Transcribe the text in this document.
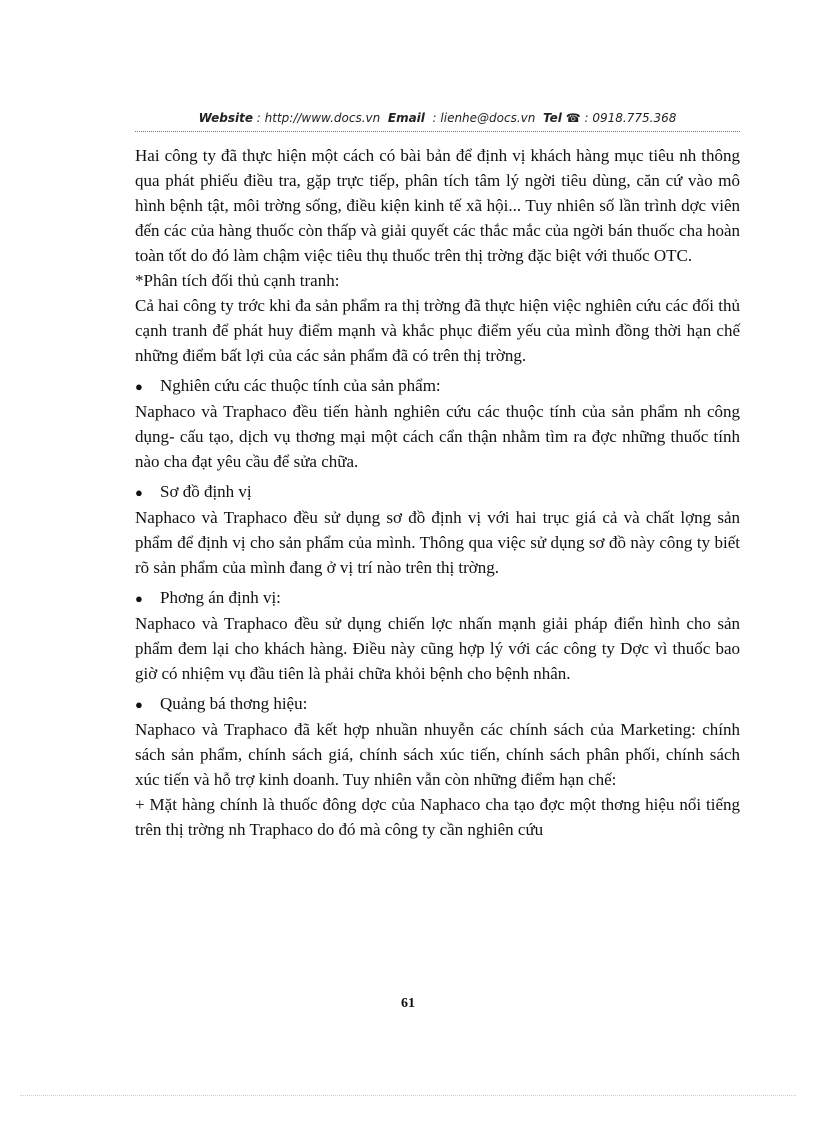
Website : http://www.docs.vn Email : lienhe@docs.vn Tel ☎ : 0918.775.368

Hai công ty đã thực hiện một cách có bài bản để định vị khách hàng mục tiêu nh thông qua phát phiếu điều tra, gặp trực tiếp, phân tích tâm lý ngời tiêu dùng, căn cứ vào mô hình bệnh tật, môi trờng sống, điều kiện kinh tế xã hội... Tuy nhiên số lần trình dợc viên đến các của hàng thuốc còn thấp và giải quyết các thắc mắc của ngời bán thuốc cha hoàn toàn tốt do đó làm chậm việc tiêu thụ thuốc trên thị trờng đặc biệt với thuốc OTC.

*Phân tích đối thủ cạnh tranh:

Cả hai công ty trớc khi đa sản phẩm ra thị trờng đã thực hiện việc nghiên cứu các đối thủ cạnh tranh để phát huy điểm mạnh và khắc phục điểm yếu của mình đồng thời hạn chế những điểm bất lợi của các sản phẩm đã có trên thị trờng.

●	Nghiên cứu các thuộc tính của sản phẩm:

Naphaco và Traphaco đều tiến hành nghiên cứu các thuộc tính của sản phẩm nh công dụng- cấu tạo, dịch vụ thơng mại một cách cẩn thận nhằm tìm ra đợc những thuốc tính nào cha đạt yêu cầu để sửa chữa.

●	Sơ đồ định vị

Naphaco và Traphaco đều sử dụng sơ đồ định vị với hai trục giá cả và chất lợng sản phẩm để định vị cho sản phẩm của mình. Thông qua việc sử dụng sơ đồ này công ty biết rõ sản phẩm của mình đang ở vị trí nào trên thị trờng.

●	Phơng án định vị:

Naphaco và Traphaco đều sử dụng chiến lợc nhấn mạnh giải pháp điển hình cho sản phẩm đem lại cho khách hàng. Điều này cũng hợp lý với các công ty Dợc vì thuốc bao giờ có nhiệm vụ đầu tiên là phải chữa khỏi bệnh cho bệnh nhân.

●	Quảng bá thơng hiệu:

Naphaco và Traphaco đã kết hợp nhuần nhuyễn các chính sách của Marketing: chính sách sản phẩm, chính sách giá, chính sách xúc tiến, chính sách phân phối, chính sách xúc tiến và hỗ trợ kinh doanh. Tuy nhiên vẫn còn những điểm hạn chế:

+ Mặt hàng chính là thuốc đông dợc của Naphaco cha tạo đợc một thơng hiệu nổi tiếng trên thị trờng nh Traphaco do đó mà công ty cần nghiên cứu

61
